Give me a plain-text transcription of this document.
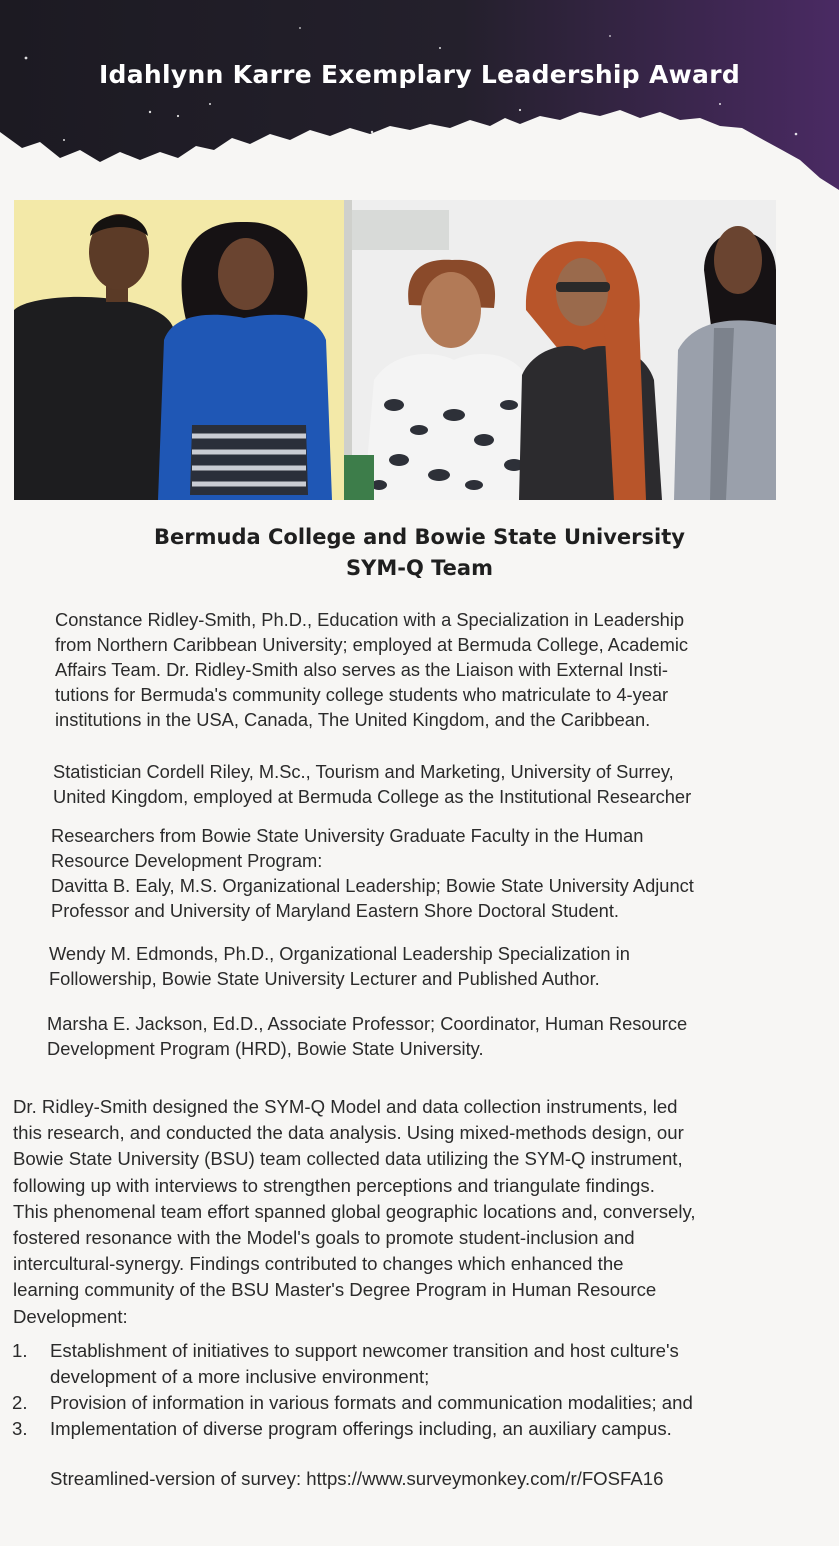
Idahlynn Karre Exemplary Leadership Award
Bermuda College and Bowie State University
SYM-Q Team

Constance Ridley-Smith, Ph.D., Education with a Specialization in Leadership
from Northern Caribbean University; employed at Bermuda College, Academic
Affairs Team. Dr. Ridley-Smith also serves as the Liaison with External Insti-
tutions for Bermuda's community college students who matriculate to 4-year
institutions in the USA, Canada, The United Kingdom, and the Caribbean.

Statistician Cordell Riley, M.Sc., Tourism and Marketing, University of Surrey,
United Kingdom, employed at Bermuda College as the Institutional Researcher

Researchers from Bowie State University Graduate Faculty in the Human
Resource Development Program:
Davitta B. Ealy, M.S. Organizational Leadership; Bowie State University Adjunct
Professor and University of Maryland Eastern Shore Doctoral Student.

Wendy M. Edmonds, Ph.D., Organizational Leadership Specialization in
Followership, Bowie State University Lecturer and Published Author.

Marsha E. Jackson, Ed.D., Associate Professor; Coordinator, Human Resource
Development Program (HRD), Bowie State University.

Dr. Ridley-Smith designed the SYM-Q Model and data collection instruments, led
this research, and conducted the data analysis. Using mixed-methods design, our
Bowie State University (BSU) team collected data utilizing the SYM-Q instrument,
following up with interviews to strengthen perceptions and triangulate findings.
This phenomenal team effort spanned global geographic locations and, conversely,
fostered resonance with the Model's goals to promote student-inclusion and
intercultural-synergy. Findings contributed to changes which enhanced the
learning community of the BSU Master's Degree Program in Human Resource
Development:

1. Establishment of initiatives to support newcomer transition and host culture's
development of a more inclusive environment;
2. Provision of information in various formats and communication modalities; and
3. Implementation of diverse program offerings including, an auxiliary campus.
Streamlined-version of survey: https://www.surveymonkey.com/r/FOSFA16
